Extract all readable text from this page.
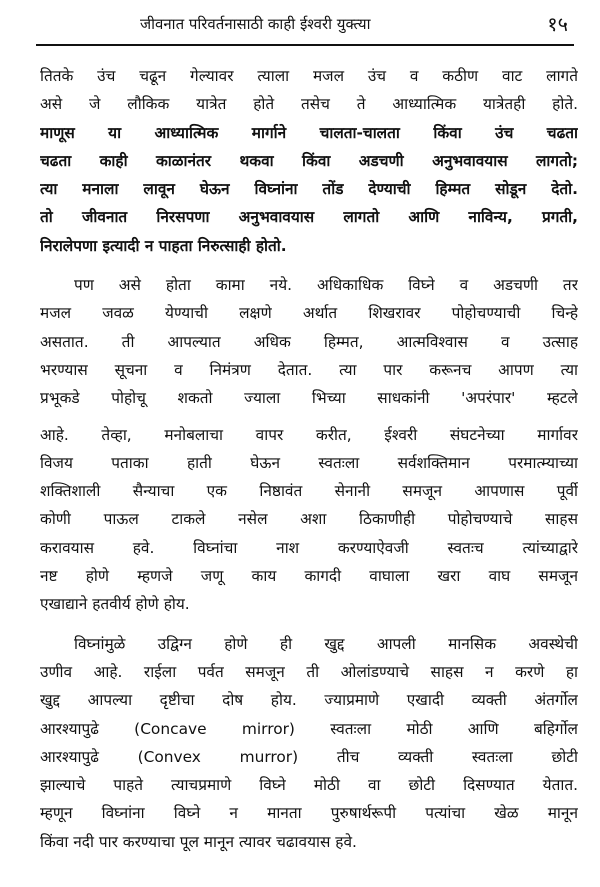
जीवनात परिवर्तनासाठी काही ईश्वरी युक्त्या	१५
तितके उंच चढून गेल्यावर त्याला मजल उंच व कठीण वाट लागते
असे जे लौकिक यात्रेत होते तसेच ते आध्यात्मिक यात्रेतही होते.
माणूस या आध्यात्मिक मार्गाने चालता-चालता किंवा उंच चढता
चढता काही काळानंतर थकवा किंवा अडचणी अनुभवावयास लागतो;
त्या मनाला लावून घेऊन विघ्नांना तोंड देण्याची हिम्मत सोडून देतो.
तो जीवनात निरसपणा अनुभवावयास लागतो आणि नाविन्य, प्रगती,
निरालेपणा इत्यादी न पाहता निरुत्साही होतो.
पण असे होता कामा नये. अधिकाधिक विघ्ने व अडचणी तर
मजल जवळ येण्याची लक्षणे अर्थात शिखरावर पोहोचण्याची चिन्हे
असतात. ती आपल्यात अधिक हिम्मत, आत्मविश्वास व उत्साह
भरण्यास सूचना व निमंत्रण देतात. त्या पार करूनच आपण त्या
प्रभूकडे पोहोचू शकतो ज्याला भिच्या साधकांनी 'अपरंपार' म्हटले
आहे. तेव्हा, मनोबलाचा वापर करीत, ईश्वरी संघटनेच्या मार्गावर
विजय पताका हाती घेऊन स्वतःला सर्वशक्तिमान परमात्म्याच्या
शक्तिशाली सैन्याचा एक निष्ठावंत सेनानी समजून आपणास पूर्वी
कोणी पाऊल टाकले नसेल अशा ठिकाणीही पोहोचण्याचे साहस
करावयास हवे. विघ्नांचा नाश करण्याऐवजी स्वतःच त्यांच्याद्वारे
नष्ट होणे म्हणजे जणू काय कागदी वाघाला खरा वाघ समजून
एखाद्याने हतवीर्य होणे होय.
विघ्नांमुळे उद्विग्न होणे ही खुद्द आपली मानसिक अवस्थेची
उणीव आहे. राईला पर्वत समजून ती ओलांडण्याचे साहस न करणे हा
खुद्द आपल्या दृष्टीचा दोष होय. ज्याप्रमाणे एखादी व्यक्ती अंतर्गोल
आरश्यापुढे (Concave mirror) स्वतःला मोठी आणि बहिर्गोल
आरश्यापुढे (Convex murror) तीच व्यक्ती स्वतःला छोटी
झाल्याचे पाहते त्याचप्रमाणे विघ्ने मोठी वा छोटी दिसण्यात येतात.
म्हणून विघ्नांना विघ्ने न मानता पुरुषार्थरूपी पत्यांचा खेळ मानून
किंवा नदी पार करण्याचा पूल मानून त्यावर चढावयास हवे.
